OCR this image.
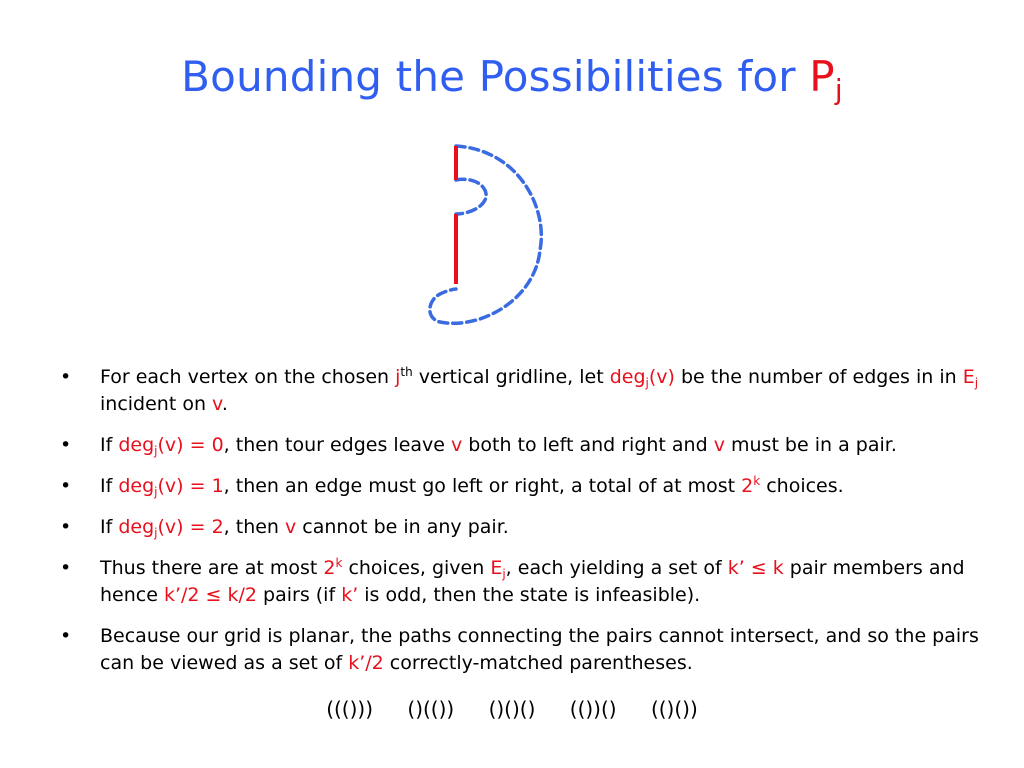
Bounding the Possibilities for $P_j$
• For each vertex on the chosen $j^{th}$ vertical gridline, let deg$_j$(v) be the number of edges in in $E_j$ incident on v.
• If deg$_j$(v) = 0, then tour edges leave v both to left and right and v must be in a pair.
• If deg$_j$(v) = 1, then an edge must go left or right, a total of at most 2$^k$ choices.
• If deg$_j$(v) = 2, then v cannot be in any pair.
• Thus there are at most 2$^k$ choices, given $E_j$, each yielding a set of k’ ≤ k pair members and hence k’/2 ≤ k/2 pairs (if k’ is odd, then the state is infeasible).
• Because our grid is planar, the paths connecting the pairs cannot intersect, and so the pairs can be viewed as a set of k’/2 correctly-matched parentheses.
((())) ()(()) ()()() (())() (()())
